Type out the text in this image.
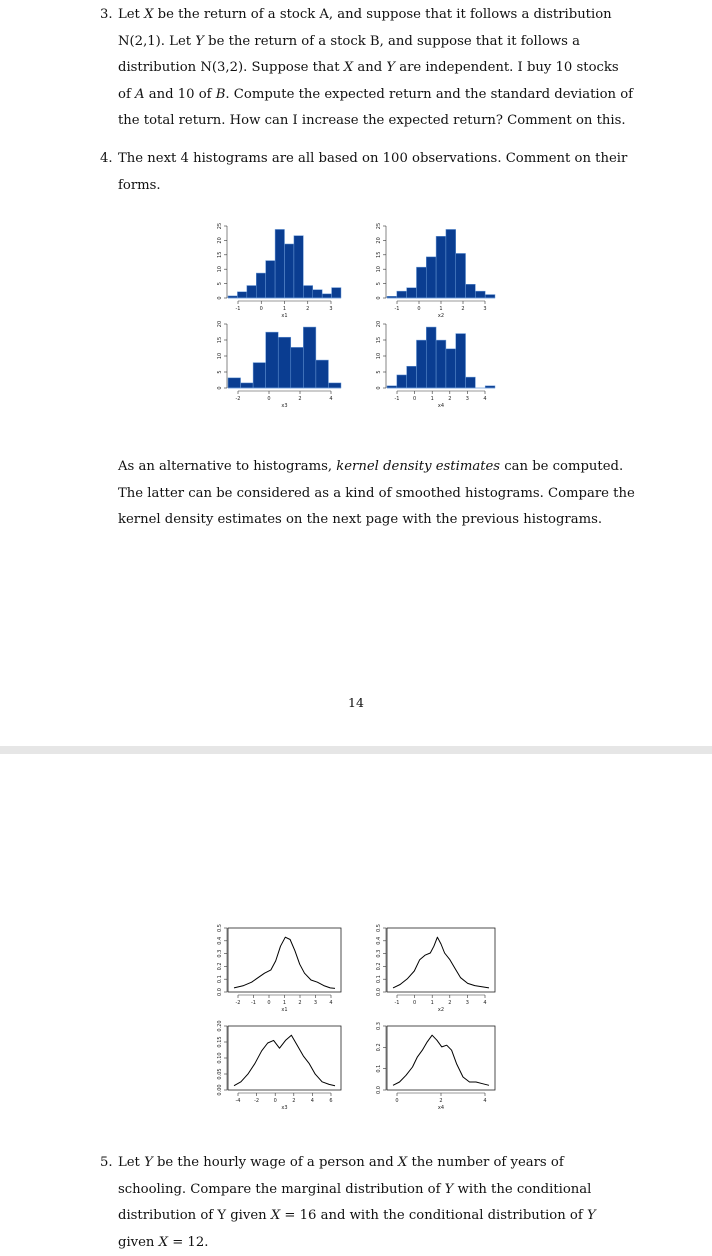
3. Let X be the return of a stock A, and suppose that it follows a distribution N(2,1). Let Y be the return of a stock B, and suppose that it follows a distribution N(3,2). Suppose that X and Y are independent. I buy 10 stocks of A and 10 of B. Compute the expected return and the standard deviation of the total return. How can I increase the expected return? Comment on this.
4. The next 4 histograms are all based on 100 observations. Comment on their forms.
0
5
10
15
20
25
-1	0	1	2	3
x1
0
5
10
15
20
25
-1	0	1	2	3
x2
0
5
10
15
20
-2	0	2	4
x3
0
5
10
15
20
-1	0	1	2	3	4
x4
As an alternative to histograms, kernel density estimates can be computed. The latter can be considered as a kind of smoothed histograms. Compare the kernel density estimates on the next page with the previous histograms.
14
0.0
0.1
0.2
0.3
0.4
0.5
-2 -1 0 1 2 3 4
x1
0.0
0.1
0.2
0.3
0.4
0.5
-1	0	1	2	3	4
x2
0.00
0.05
0.10
0.15
0.20
-4	-2	0	2	4	6
x3
0.0
0.1
0.2
0.3
0	2	4
x4
5. Let Y be the hourly wage of a person and X the number of years of schooling. Compare the marginal distribution of Y with the conditional distribution of Y given X = 16 and with the conditional distribution of Y given X = 12.
